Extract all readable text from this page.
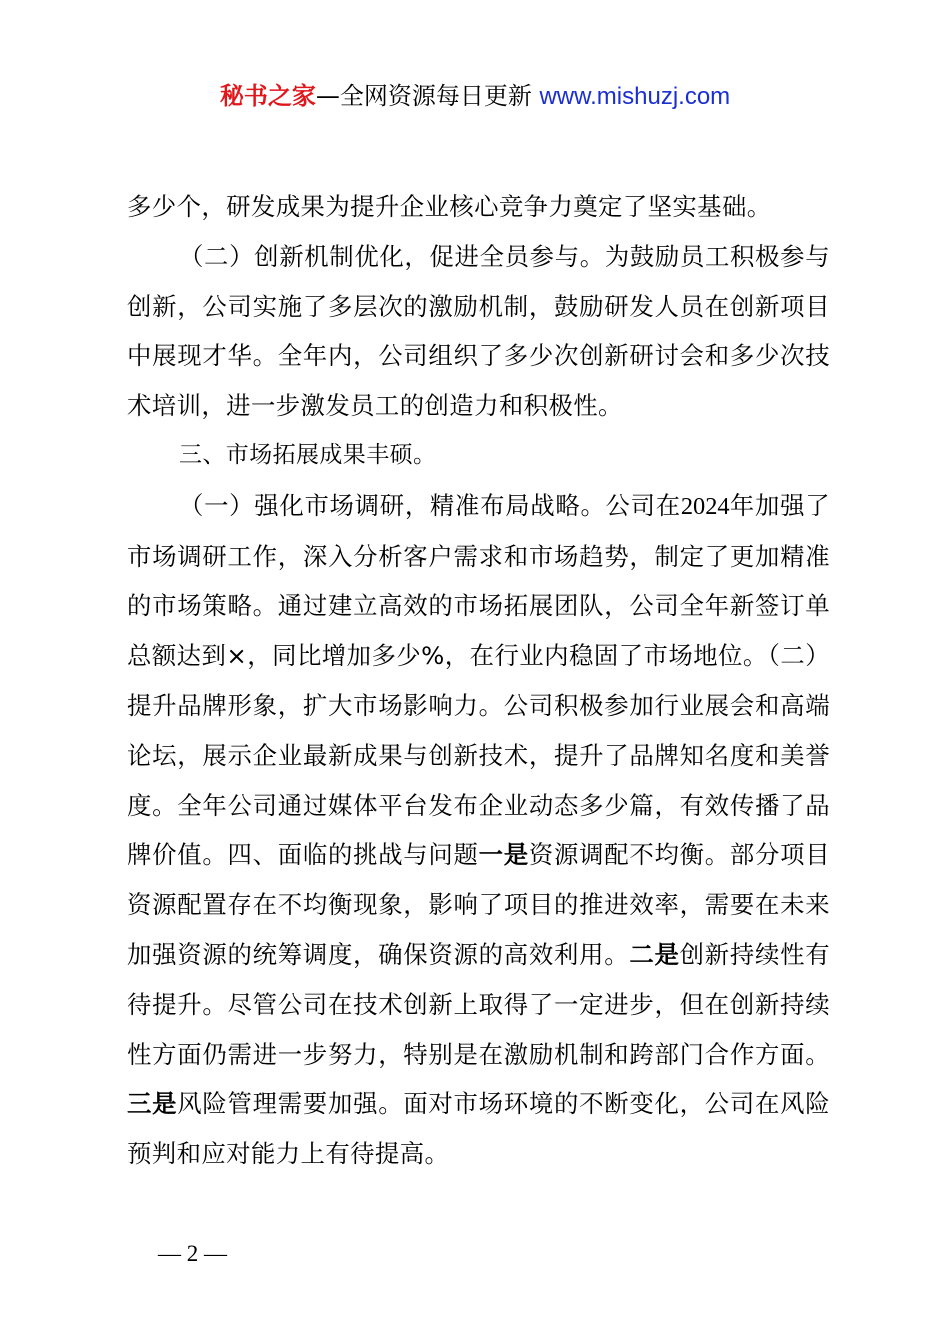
秘书之家—全网资源每日更新 www.mishuzj.com

多少个，研发成果为提升企业核心竞争力奠定了坚实基础。

（二）创新机制优化，促进全员参与。为鼓励员工积极参与创新，公司实施了多层次的激励机制，鼓励研发人员在创新项目中展现才华。全年内，公司组织了多少次创新研讨会和多少次技术培训，进一步激发员工的创造力和积极性。

三、市场拓展成果丰硕。

（一）强化市场调研，精准布局战略。公司在2024年加强了市场调研工作，深入分析客户需求和市场趋势，制定了更加精准的市场策略。通过建立高效的市场拓展团队，公司全年新签订单总额达到×，同比增加多少%，在行业内稳固了市场地位。（二）提升品牌形象，扩大市场影响力。公司积极参加行业展会和高端论坛，展示企业最新成果与创新技术，提升了品牌知名度和美誉度。全年公司通过媒体平台发布企业动态多少篇，有效传播了品牌价值。四、面临的挑战与问题一是资源调配不均衡。部分项目资源配置存在不均衡现象，影响了项目的推进效率，需要在未来加强资源的统筹调度，确保资源的高效利用。二是创新持续性有待提升。尽管公司在技术创新上取得了一定进步，但在创新持续性方面仍需进一步努力，特别是在激励机制和跨部门合作方面。三是风险管理需要加强。面对市场环境的不断变化，公司在风险预判和应对能力上有待提高。

— 2 —
